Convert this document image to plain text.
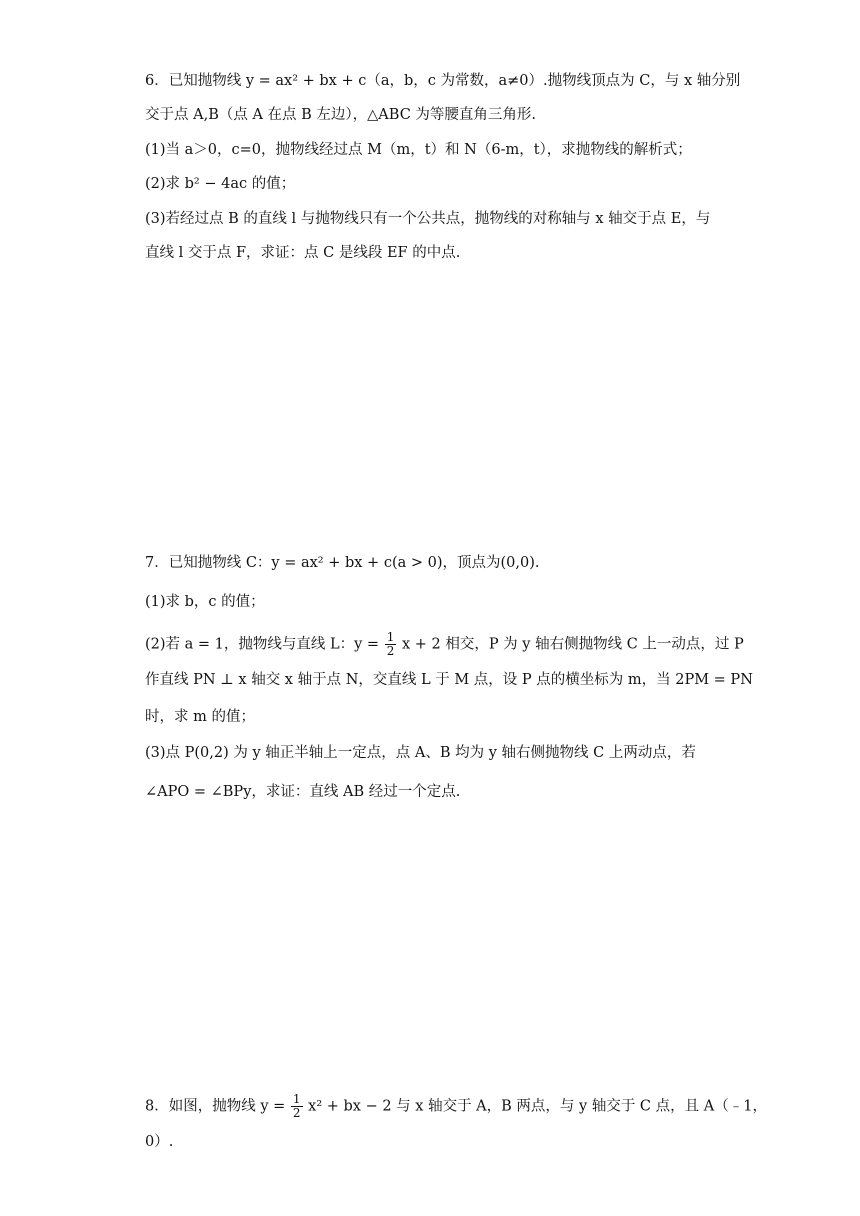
6．已知抛物线 y = ax² + bx + c（a，b，c 为常数，a≠0）.抛物线顶点为 C，与 x 轴分别
交于点 A,B（点 A 在点 B 左边），△ABC 为等腰直角三角形.
(1)当 a＞0，c=0，抛物线经过点 M（m，t）和 N（6-m，t），求抛物线的解析式；
(2)求 b² − 4ac 的值；
(3)若经过点 B 的直线 l 与抛物线只有一个公共点，抛物线的对称轴与 x 轴交于点 E，与
直线 l 交于点 F，求证：点 C 是线段 EF 的中点.
7．已知抛物线 C：y = ax² + bx + c(a > 0)，顶点为(0,0).
(1)求 b，c 的值；
(2)若 a = 1，抛物线与直线 L：$y = \frac{1}{2}$ x + 2 相交，P 为 y 轴右侧抛物线 C 上一动点，过 P
作直线 PN ⊥ x 轴交 x 轴于点 N，交直线 L 于 M 点，设 P 点的横坐标为 m，当 2PM = PN
时，求 m 的值；
(3)点 P(0,2) 为 y 轴正半轴上一定点，点 A、B 均为 y 轴右侧抛物线 C 上两动点，若
∠APO = ∠BPy，求证：直线 AB 经过一个定点.
8．如图，抛物线 $y = \frac{1}{2} x^2$ + bx − 2 与 x 轴交于 A，B 两点，与 y 轴交于 C 点，且 A（﹣1，
0）.
